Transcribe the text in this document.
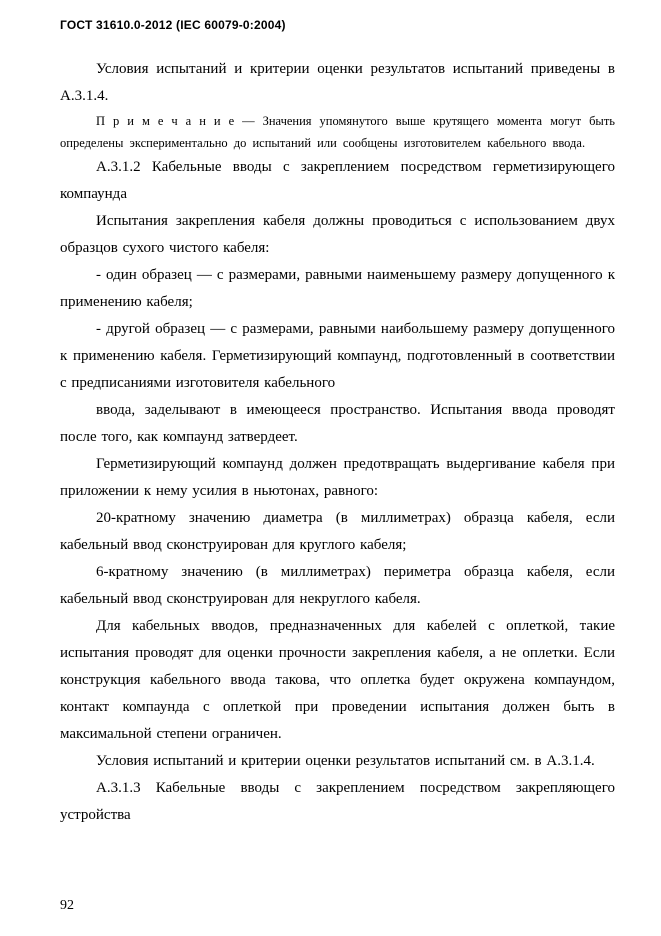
ГОСТ 31610.0-2012 (IEC 60079-0:2004)

Условия испытаний и критерии оценки результатов испытаний приведены в А.3.1.4.

П р и м е ч а н и е — Значения упомянутого выше крутящего момента могут быть определены экспериментально до испытаний или сообщены изготовителем кабельного ввода.

А.3.1.2 Кабельные вводы с закреплением посредством герметизирующего компаунда

Испытания закрепления кабеля должны проводиться с использованием двух образцов сухого чистого кабеля:

- один образец — с размерами, равными наименьшему размеру допущенного к применению кабеля;

- другой образец — с размерами, равными наибольшему размеру допущенного к применению кабеля. Герметизирующий компаунд, подготовленный в соответствии с предписаниями изготовителя кабельного

ввода, заделывают в имеющееся пространство. Испытания ввода проводят после того, как компаунд затвердеет.

Герметизирующий компаунд должен предотвращать выдергивание кабеля при приложении к нему усилия в ньютонах, равного:

20-кратному значению диаметра (в миллиметрах) образца кабеля, если кабельный ввод сконструирован для круглого кабеля;

6-кратному значению (в миллиметрах) периметра образца кабеля, если кабельный ввод сконструирован для некруглого кабеля.

Для кабельных вводов, предназначенных для кабелей с оплеткой, такие испытания проводят для оценки прочности закрепления кабеля, а не оплетки. Если конструкция кабельного ввода такова, что оплетка будет окружена компаундом, контакт компаунда с оплеткой при проведении испытания должен быть в максимальной степени ограничен.

Условия испытаний и критерии оценки результатов испытаний см. в А.3.1.4.

А.3.1.3 Кабельные вводы с закреплением посредством закрепляющего устройства

92
